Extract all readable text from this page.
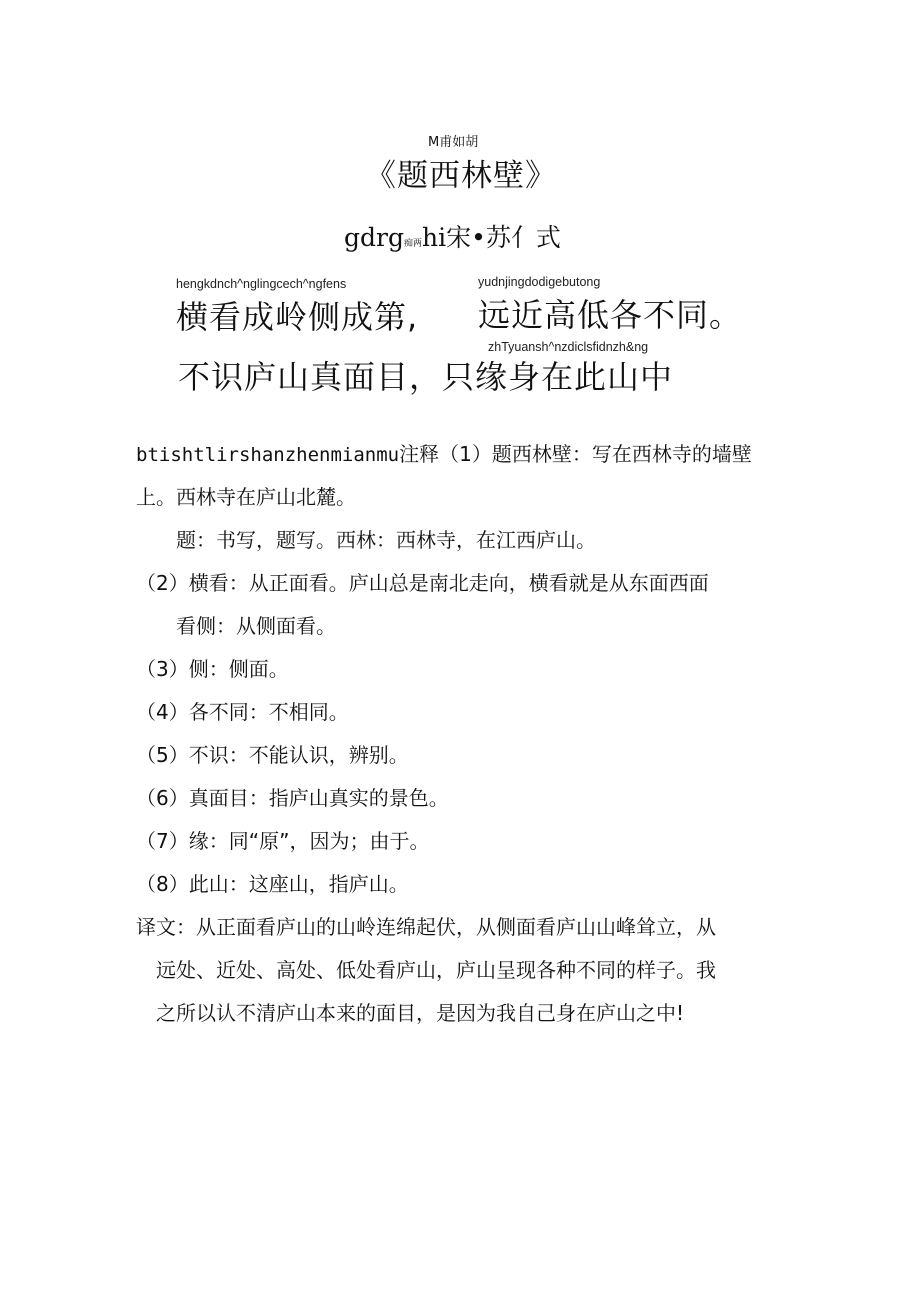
M甫如胡
《题西林壁》
gdrg痴两hi宋•苏亻式
hengkdnch^nglingcech^ngfens
横看成岭侧成第,
yudnjingdodigebutong
远近高低各不同。
zhTyuansh^nzdiclsfidnzh&ng
不识庐山真面目，只缘身在此山中
btishtlirshanzhenmianmu注释（1）题西林壁：写在西林寺的墙壁
上。西林寺在庐山北麓。
　　题：书写，题写。西林：西林寺，在江西庐山。
（2）横看：从正面看。庐山总是南北走向，横看就是从东面西面
　　看侧：从侧面看。
（3）侧：侧面。
（4）各不同：不相同。
（5）不识：不能认识，辨别。
（6）真面目：指庐山真实的景色。
（7）缘：同“原”，因为；由于。
（8）此山：这座山，指庐山。
译文：从正面看庐山的山岭连绵起伏，从侧面看庐山山峰耸立，从
　远处、近处、高处、低处看庐山，庐山呈现各种不同的样子。我
　之所以认不清庐山本来的面目，是因为我自己身在庐山之中!
